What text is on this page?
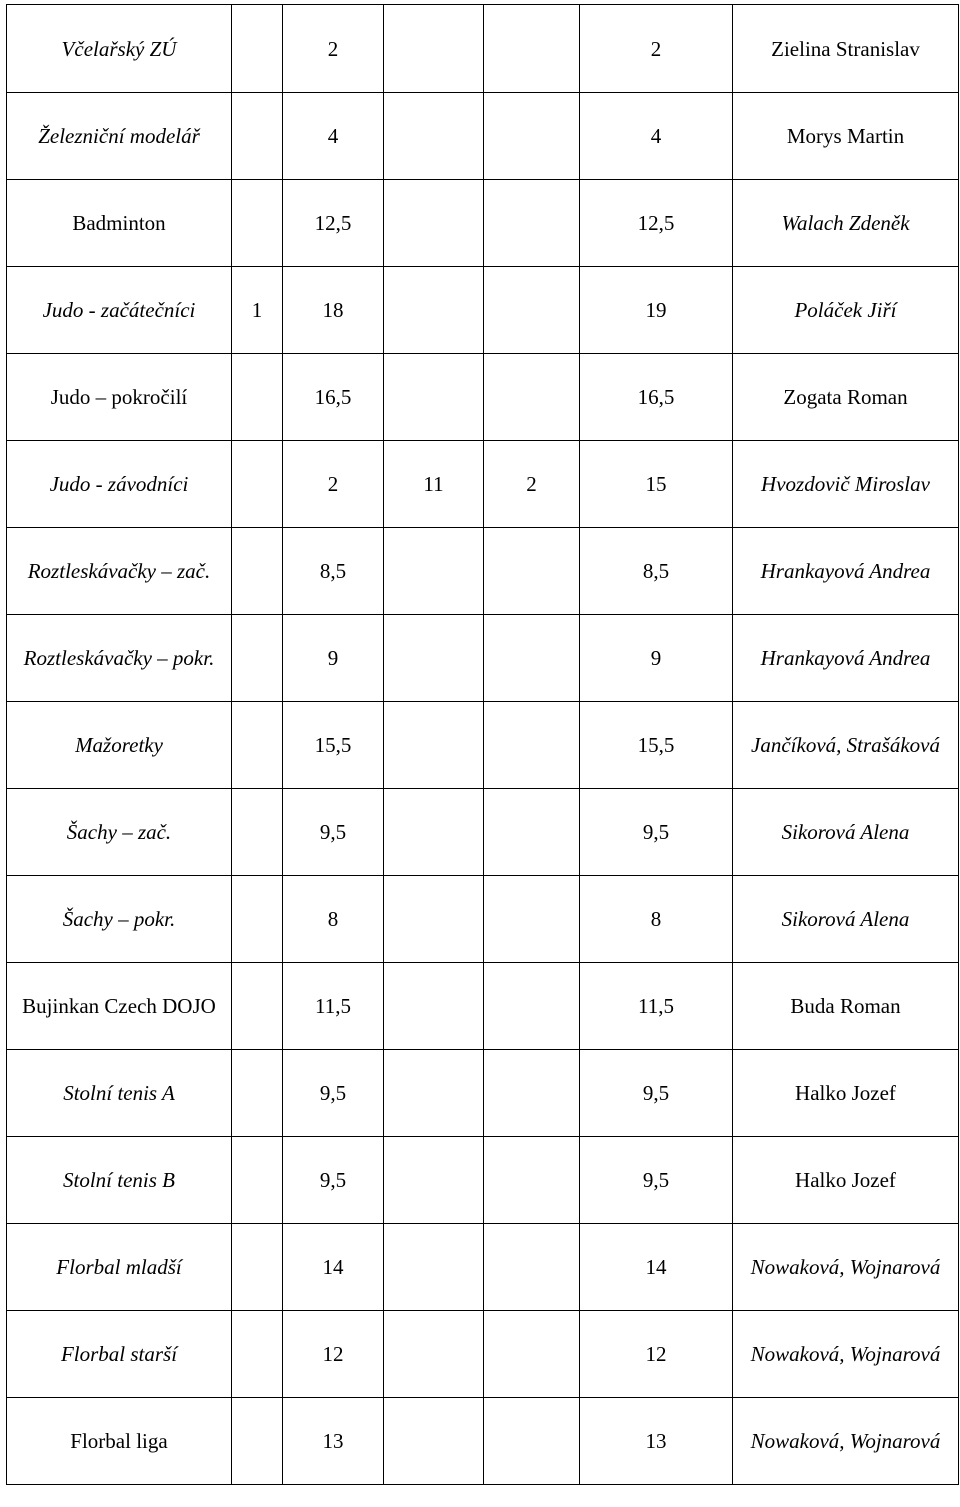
Včelařský ZÚ		2			2	Zielina Stranislav
Železniční modelář		4			4	Morys Martin
Badminton		12,5			12,5	Walach Zdeněk
Judo - začátečníci	1	18			19	Poláček Jiří
Judo – pokročilí		16,5			16,5	Zogata Roman
Judo - závodníci		2	11	2	15	Hvozdovič Miroslav
Roztleskávačky – zač.		8,5			8,5	Hrankayová Andrea
Roztleskávačky – pokr.		9			9	Hrankayová Andrea
Mažoretky		15,5			15,5	Jančíková, Strašáková
Šachy – zač.		9,5			9,5	Sikorová Alena
Šachy – pokr.		8			8	Sikorová Alena
Bujinkan Czech DOJO		11,5			11,5	Buda Roman
Stolní tenis A		9,5			9,5	Halko Jozef
Stolní tenis B		9,5			9,5	Halko Jozef
Florbal mladší		14			14	Nowaková, Wojnarová
Florbal starší		12			12	Nowaková, Wojnarová
Florbal liga		13			13	Nowaková, Wojnarová
